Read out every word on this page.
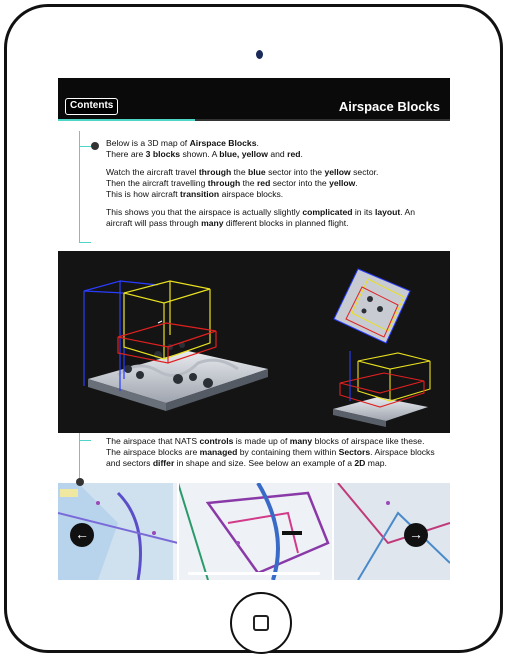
Contents	Airspace Blocks

Below is a 3D map of Airspace Blocks.
There are 3 blocks shown. A blue, yellow and red.

Watch the aircraft travel through the blue sector into the yellow sector.
Then the aircraft travelling through the red sector into the yellow.
This is how aircraft transition airspace blocks.

This shows you that the airspace is actually slightly complicated in its layout. An aircraft will pass through many different blocks in planned flight.

The airspace that NATS controls is made up of many blocks of airspace like these. The airspace blocks are managed by containing them within Sectors. Airspace blocks and sectors differ in shape and size. See below an example of a 2D map.

←	→
